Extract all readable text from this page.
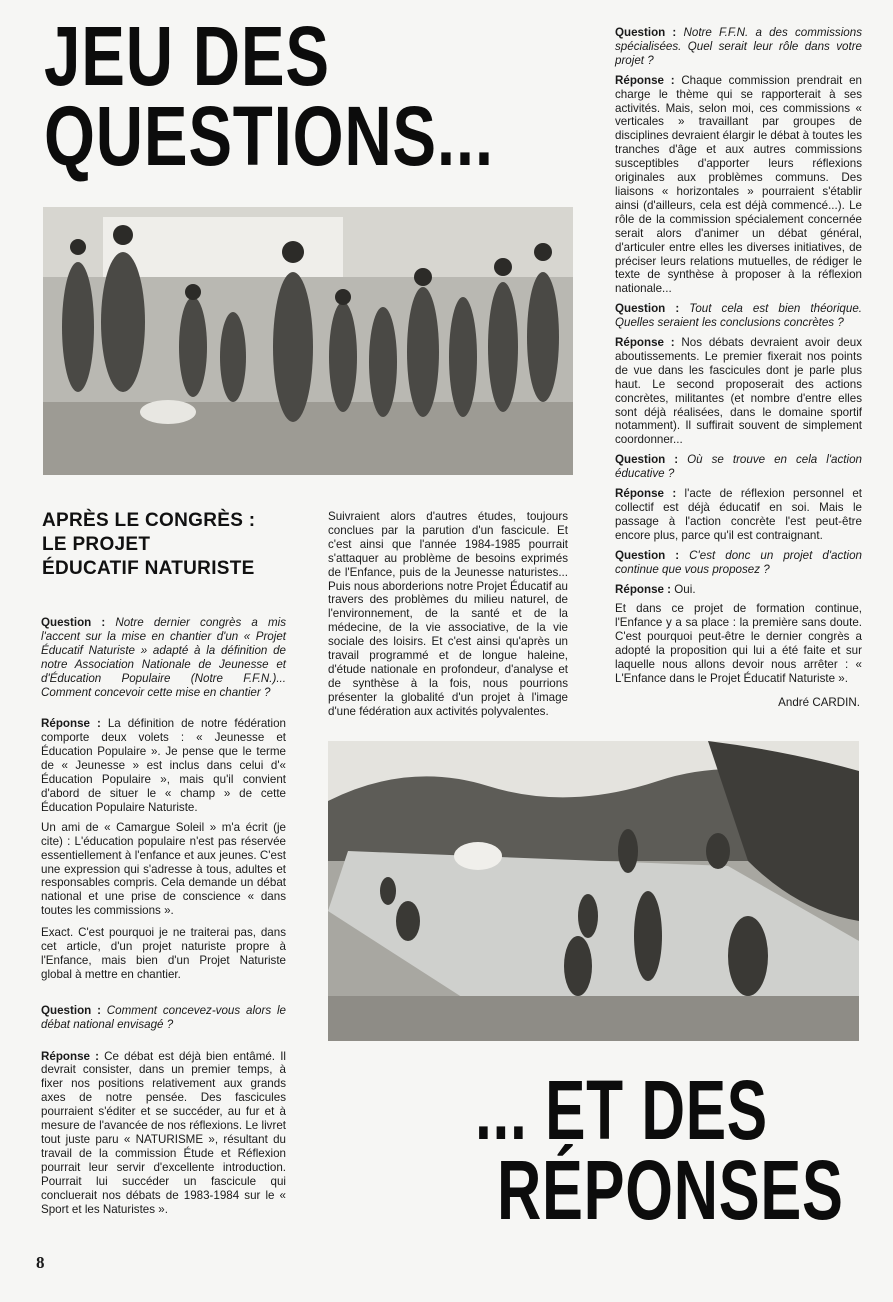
JEU DES
QUESTIONS...
APRÈS LE CONGRÈS :
LE PROJET
ÉDUCATIF NATURISTE

Question : Notre dernier congrès a mis l'accent sur la mise en chantier d'un « Projet Éducatif Naturiste » adapté à la définition de notre Association Nationale de Jeunesse et d'Éducation Populaire (Notre F.F.N.)... Comment concevoir cette mise en chantier ?

Réponse : La définition de notre fédération comporte deux volets : « Jeunesse et Éducation Populaire ». Je pense que le terme de « Jeunesse » est inclus dans celui d'« Éducation Populaire », mais qu'il convient d'abord de situer le « champ » de cette Éducation Populaire Naturiste.

Un ami de « Camargue Soleil » m'a écrit (je cite) : L'éducation populaire n'est pas réservée essentiellement à l'enfance et aux jeunes. C'est une expression qui s'adresse à tous, adultes et responsables compris. Cela demande un débat national et une prise de conscience « dans toutes les commissions ».

Exact. C'est pourquoi je ne traiterai pas, dans cet article, d'un projet naturiste propre à l'Enfance, mais bien d'un Projet Naturiste global à mettre en chantier.

Question : Comment concevez-vous alors le débat national envisagé ?

Réponse : Ce débat est déjà bien entâmé. Il devrait consister, dans un premier temps, à fixer nos positions relativement aux grands axes de notre pensée. Des fascicules pourraient s'éditer et se succéder, au fur et à mesure de l'avancée de nos réflexions. Le livret tout juste paru « NATURISME », résultant du travail de la commission Étude et Réflexion pourrait leur servir d'excellente introduction. Pourrait lui succéder un fascicule qui concluerait nos débats de 1983-1984 sur le « Sport et les Naturistes ».

Suivraient alors d'autres études, toujours conclues par la parution d'un fascicule. Et c'est ainsi que l'année 1984-1985 pourrait s'attaquer au problème de besoins exprimés de l'Enfance, puis de la Jeunesse naturistes... Puis nous aborderions notre Projet Éducatif au travers des problèmes du milieu naturel, de l'environnement, de la santé et de la médecine, de la vie associative, de la vie sociale des loisirs. Et c'est ainsi qu'après un travail programmé et de longue haleine, d'étude nationale en profondeur, d'analyse et de synthèse à la fois, nous pourrions présenter la globalité d'un projet à l'image d'une fédération aux activités polyvalentes.

Question : Notre F.F.N. a des commissions spécialisées. Quel serait leur rôle dans votre projet ?

Réponse : Chaque commission prendrait en charge le thème qui se rapporterait à ses activités. Mais, selon moi, ces commissions « verticales » travaillant par groupes de disciplines devraient élargir le débat à toutes les tranches d'âge et aux autres commissions susceptibles d'apporter leurs réflexions originales aux problèmes communs. Des liaisons « horizontales » pourraient s'établir ainsi (d'ailleurs, cela est déjà commencé...). Le rôle de la commission spécialement concernée serait alors d'animer un débat général, d'articuler entre elles les diverses initiatives, de préciser leurs relations mutuelles, de rédiger le texte de synthèse à proposer à la réflexion nationale...

Question : Tout cela est bien théorique. Quelles seraient les conclusions concrètes ?

Réponse : Nos débats devraient avoir deux aboutissements. Le premier fixerait nos points de vue dans les fascicules dont je parle plus haut. Le second proposerait des actions concrètes, militantes (et nombre d'entre elles sont déjà réalisées, dans le domaine sportif notamment). Il suffirait souvent de simplement coordonner...

Question : Où se trouve en cela l'action éducative ?

Réponse : l'acte de réflexion personnel et collectif est déjà éducatif en soi. Mais le passage à l'action concrète l'est peut-être encore plus, parce qu'il est contraignant.

Question : C'est donc un projet d'action continue que vous proposez ?

Réponse : Oui.

Et dans ce projet de formation continue, l'Enfance y a sa place : la première sans doute. C'est pourquoi peut-être le dernier congrès a adopté la proposition qui lui a été faite et sur laquelle nous allons devoir nous arrêter : « L'Enfance dans le Projet Éducatif Naturiste ».

André CARDIN.
... ET DES
RÉPONSES
8
